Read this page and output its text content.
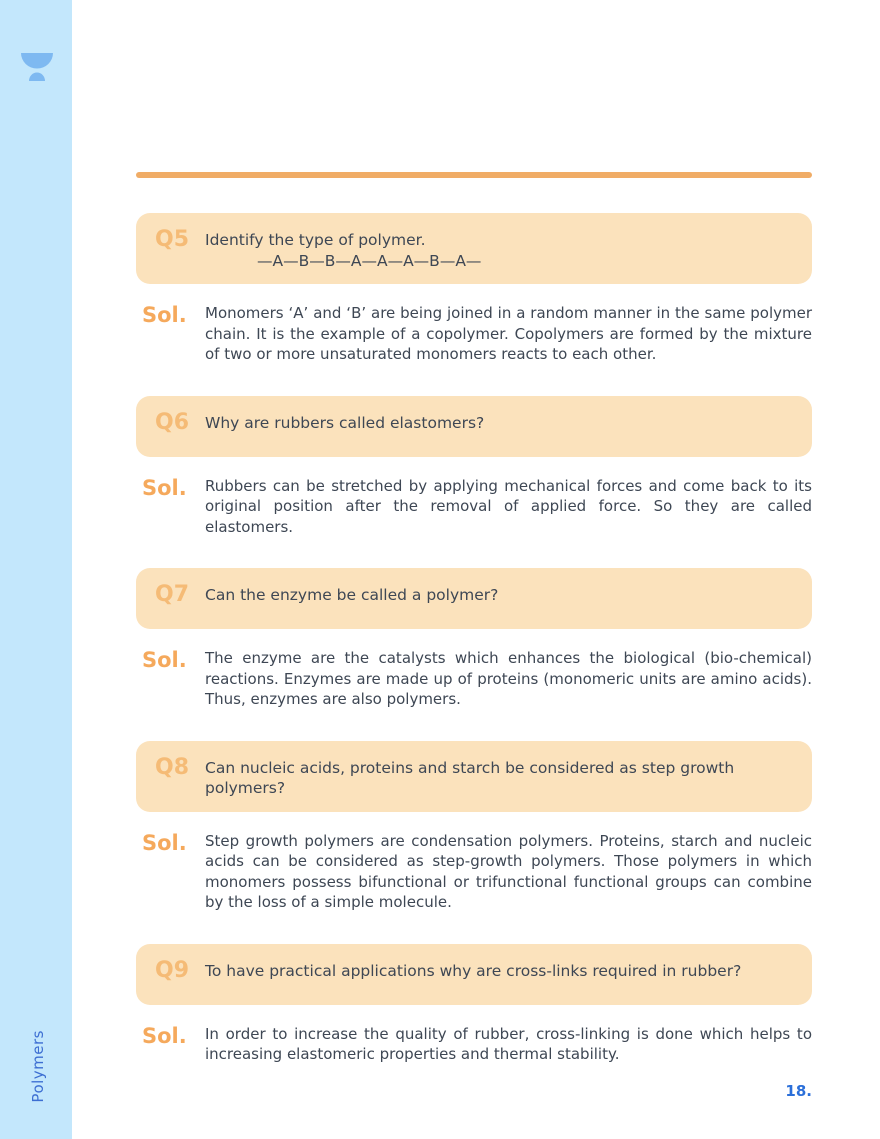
Polymers
Q5	Identify the type of polymer.
—A—B—B—A—A—A—B—A—
Sol.	Monomers ‘A’ and ‘B’ are being joined in a random manner in the same polymer chain. It is the example of a copolymer. Copolymers are formed by the mixture of two or more unsaturated monomers reacts to each other.
Q6	Why are rubbers called elastomers?
Sol.	Rubbers can be stretched by applying mechanical forces and come back to its original position after the removal of applied force. So they are called elastomers.
Q7	Can the enzyme be called a polymer?
Sol.	The enzyme are the catalysts which enhances the biological (bio-chemical) reactions. Enzymes are made up of proteins (monomeric units are amino acids). Thus, enzymes are also polymers.
Q8	Can nucleic acids, proteins and starch be considered as step growth polymers?
Sol.	Step growth polymers are condensation polymers. Proteins, starch and nucleic acids can be considered as step-growth polymers. Those polymers in which monomers possess bifunctional or trifunctional functional groups can combine by the loss of a simple molecule.
Q9	To have practical applications why are cross-links required in rubber?
Sol.	In order to increase the quality of rubber, cross-linking is done which helps to increasing elastomeric properties and thermal stability.
18.
